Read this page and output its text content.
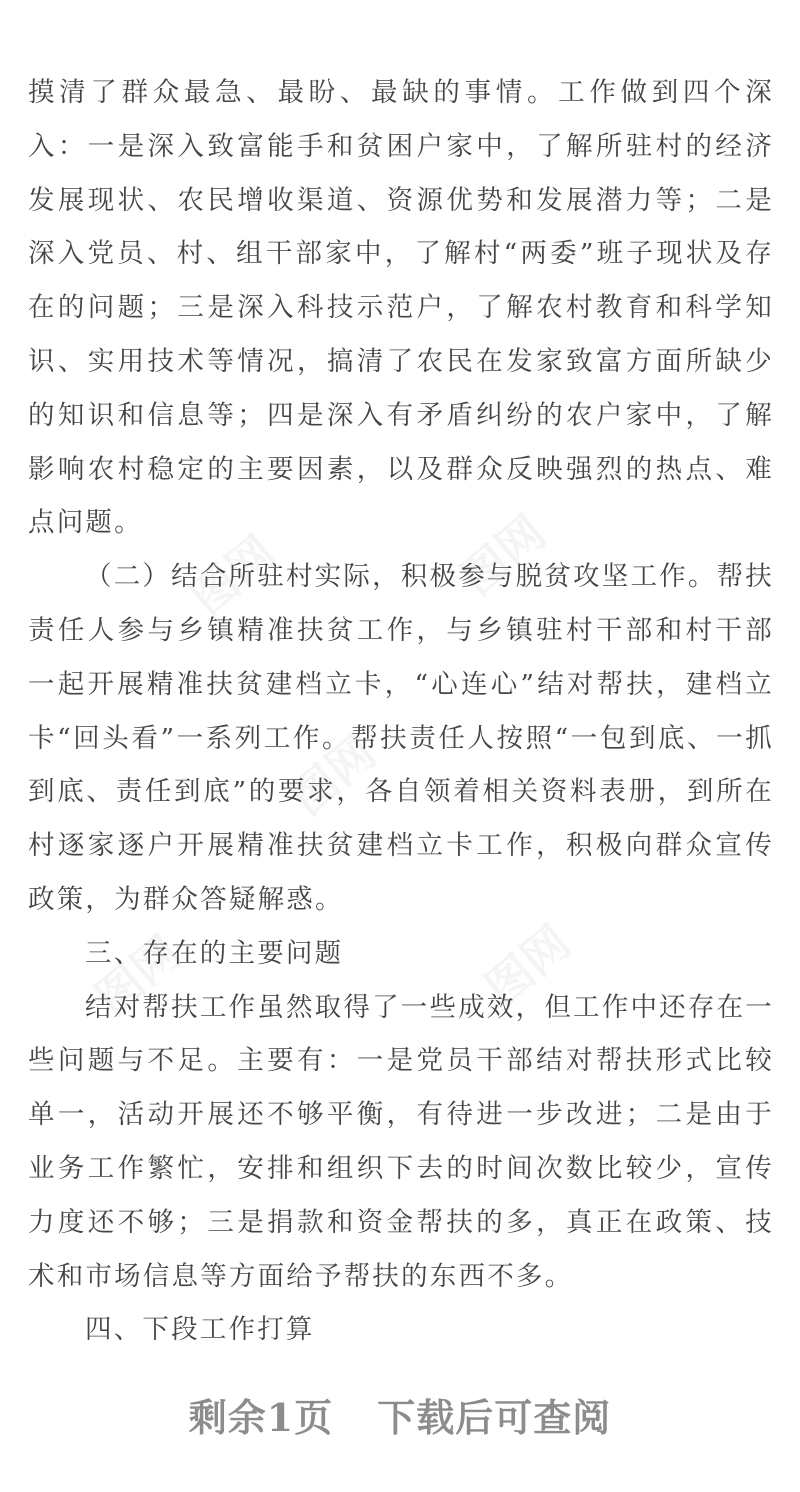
摸清了群众最急、最盼、最缺的事情。工作做到四个深入：一是深入致富能手和贫困户家中，了解所驻村的经济发展现状、农民增收渠道、资源优势和发展潜力等；二是深入党员、村、组干部家中，了解村“两委”班子现状及存在的问题；三是深入科技示范户，了解农村教育和科学知识、实用技术等情况，搞清了农民在发家致富方面所缺少的知识和信息等；四是深入有矛盾纠纷的农户家中，了解影响农村稳定的主要因素，以及群众反映强烈的热点、难点问题。

（二）结合所驻村实际，积极参与脱贫攻坚工作。帮扶责任人参与乡镇精准扶贫工作，与乡镇驻村干部和村干部一起开展精准扶贫建档立卡，“心连心”结对帮扶，建档立卡“回头看”一系列工作。帮扶责任人按照“一包到底、一抓到底、责任到底”的要求，各自领着相关资料表册，到所在村逐家逐户开展精准扶贫建档立卡工作，积极向群众宣传政策，为群众答疑解惑。

三、存在的主要问题

结对帮扶工作虽然取得了一些成效，但工作中还存在一些问题与不足。主要有：一是党员干部结对帮扶形式比较单一，活动开展还不够平衡，有待进一步改进；二是由于业务工作繁忙，安排和组织下去的时间次数比较少，宣传力度还不够；三是捐款和资金帮扶的多，真正在政策、技术和市场信息等方面给予帮扶的东西不多。

四、下段工作打算

剩余1页 下载后可查阅
